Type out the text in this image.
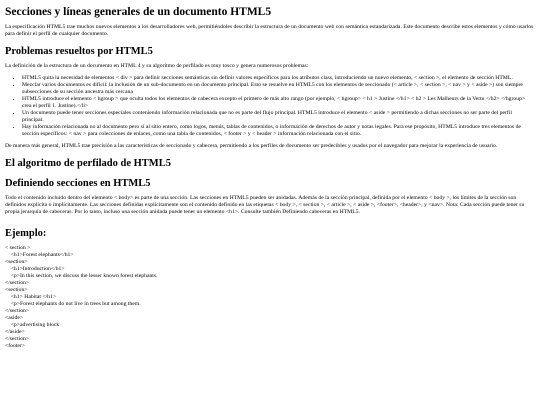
Secciones y líneas generales de un documento HTML5

La especificación HTML5 trae muchos nuevos elementos a los desarrolladores web, permitiéndoles describir la estructura de un documento web con semántica estandarizada. Este documento describe estos elementos y cómo usarlos para definir el perfil de cualquier documento.

Problemas resueltos por HTML5

La definición de la estructura de un documento en HTML 4 y su algoritmo de perfilado es muy tosco y genera numerosos problemas:

• HTML5 quita la necesidad de elementos < div > para definir secciones semánticas sin definir valores específicos para los atributos class, introduciendo un nuevo elemento, < section >, el elemento de sección HTML.
• Mezclar varios documentos es difícil: la inclusión de un sub-documento en un documento principal. Esto se resuelve en HTML5 con los elementos de seccionado (< article >, < section >, < nav > y < aside >) son siempre subsecciones de su sección ancestra más cercana
• HTML5 introduce el elemento < hgroup > que oculta todos los elementos de cabecera excepto el primero de más alto rango (por ejemplo, < hgroup> < h1 > Justine </h1> < h2 > Les Malheurs de la Vertu </h2> </hgroup> crea el perfil 1. Justine).</li>
• Un documento puede tener secciones especiales conteniendo información relacionada que no es parte del flujo principal. HTML5 introduce el elemento < aside > permitiendo a dichas secciones no ser parte del perfil principal.
• Hay información relacionada no al documento pero sí al sitio entero, como logos, menús, tablas de contenidos, o información de derechos de autor y notas legales. Para ese propósito, HTML5 introduce tres elementos de sección específicos: < nav > para colecciones de enlaces, como una tabla de contenidos, < footer > y < header > información relacionada con el sitio.

De manera más general, HTML5 trae precisión a las características de seccionado y cabecera, permitiendo a los perfiles de documento ser predecibles y usados por el navegador para mejorar la experiencia de usuario.

El algoritmo de perfilado de HTML5
Definiendo secciones en HTML5

Todo el contenido incluido dentro del elemento < body> es parte de una sección. Las secciones en HTML5 pueden ser anidadas. Además de la sección principal, definida por el elemento < body >, los límites de la sección son definidos explícita o implícitamente. Las secciones definidas explícitamente son el contenido definido en las etiquetas < body >, < section >, < article >, < aside >, <footer>, <header>, y <nav>. Nota: Cada sección puede tener su propia jerarquía de cabeceras. Por lo tanto, incluso una sección anidada puede tener un elemento <h1>. Consulte también Definiendo cabeceras en HTML5.

Ejemplo:
< section >
<h1>Forest elephants</h1>
<section>
<h1>Introduction</h1>
<p>In this section, we discuss the lesser known forest elephants.
</section>
<section>
<h1> Habitat </h1>
<p>Forest elephants do not live in trees but among them.
</section>
<aside>
<p>advertising block
</aside>
</section>
<footer>
